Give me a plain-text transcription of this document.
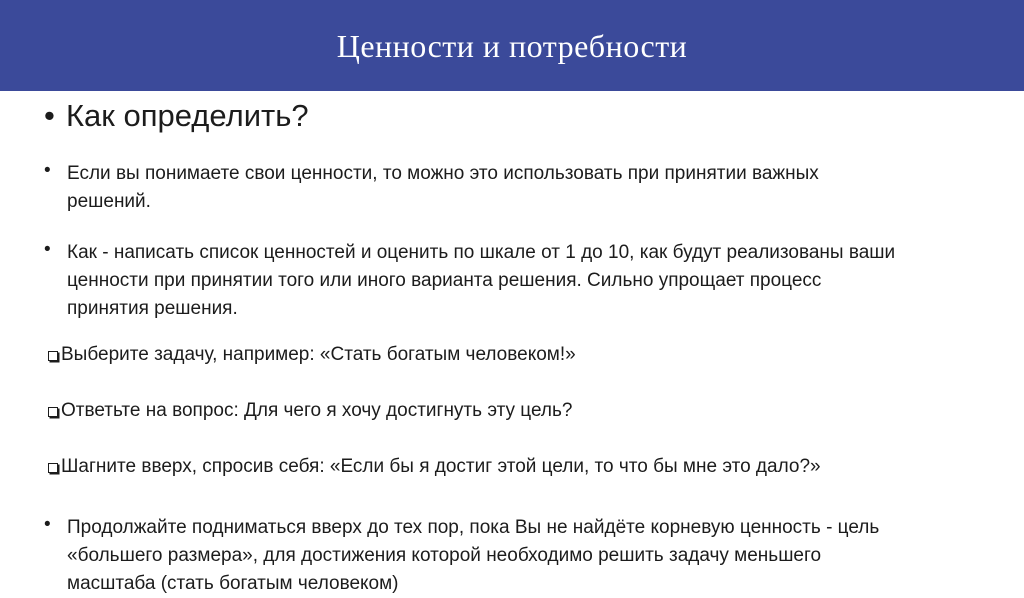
Ценности и потребности
• Как определить?
• Если вы понимаете свои ценности, то можно это использовать при принятии важных
решений.
• Как - написать список ценностей и оценить по шкале от 1 до 10, как будут реализованы ваши
ценности при принятии того или иного варианта решения. Сильно упрощает процесс
принятия решения.
Выберите задачу, например: «Стать богатым человеком!»
Ответьте на вопрос: Для чего я хочу достигнуть эту цель?
Шагните вверх, спросив себя: «Если бы я достиг этой цели, то что бы мне это дало?»
• Продолжайте подниматься вверх до тех пор, пока Вы не найдёте корневую ценность - цель
«большего размера», для достижения которой необходимо решить задачу меньшего
масштаба (стать богатым человеком)
